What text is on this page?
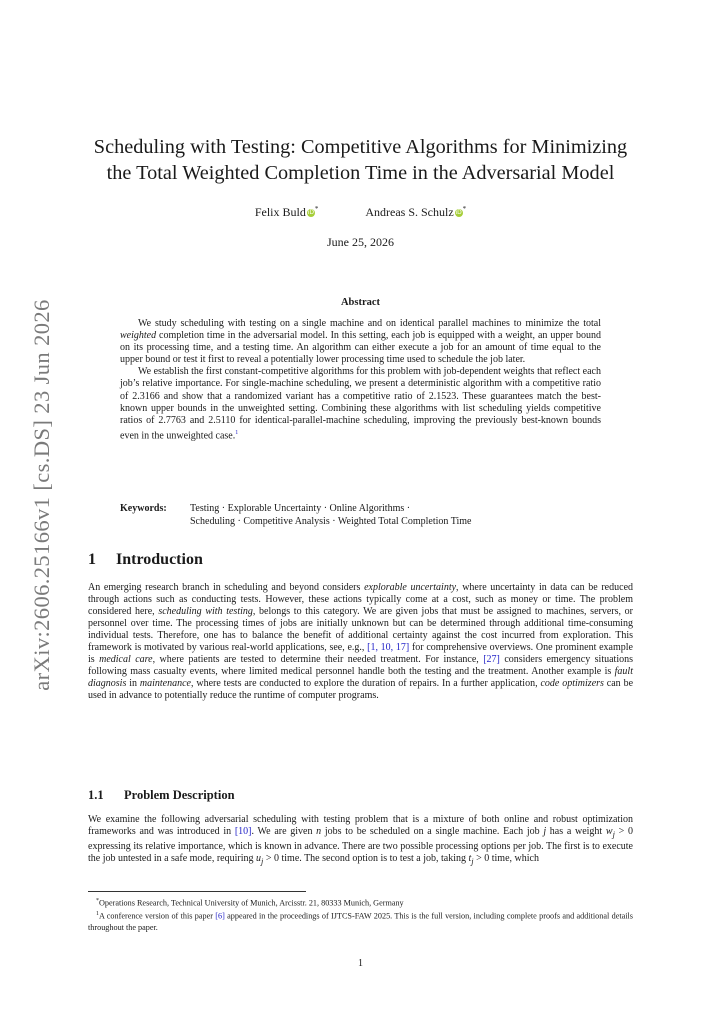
arXiv:2606.25166v1 [cs.DS] 23 Jun 2026
Scheduling with Testing: Competitive Algorithms for Minimizing
the Total Weighted Completion Time in the Adversarial Model
Felix Buld iD*	Andreas S. Schulz iD*
June 25, 2026
Abstract

We study scheduling with testing on a single machine and on identical parallel machines to minimize the total weighted completion time in the adversarial model. In this setting, each job is equipped with a weight, an upper bound on its processing time, and a testing time. An algorithm can either execute a job for an amount of time equal to the upper bound or test it first to reveal a potentially lower processing time used to schedule the job later.

We establish the first constant-competitive algorithms for this problem with job-dependent weights that reflect each job’s relative importance. For single-machine scheduling, we present a deterministic algorithm with a competitive ratio of 2.3166 and show that a randomized variant has a competitive ratio of 2.1523. These guarantees match the best-known upper bounds in the unweighted setting. Combining these algorithms with list scheduling yields competitive ratios of 2.7763 and 2.5110 for identical-parallel-machine scheduling, improving the previously best-known bounds even in the unweighted case.$^1$

Keywords: Testing · Explorable Uncertainty · Online Algorithms ·
Scheduling · Competitive Analysis · Weighted Total Completion Time
1 Introduction

An emerging research branch in scheduling and beyond considers explorable uncertainty, where uncertainty in data can be reduced through actions such as conducting tests. However, these actions typically come at a cost, such as money or time. The problem considered here, scheduling with testing, belongs to this category. We are given jobs that must be assigned to machines, servers, or personnel over time. The processing times of jobs are initially unknown but can be determined through additional time-consuming individual tests. Therefore, one has to balance the benefit of additional certainty against the cost incurred from exploration. This framework is motivated by various real-world applications, see, e.g., [1, 10, 17] for comprehensive overviews. One prominent example is medical care, where patients are tested to determine their needed treatment. For instance, [27] considers emergency situations following mass casualty events, where limited medical personnel handle both the testing and the treatment. Another example is fault diagnosis in maintenance, where tests are conducted to explore the duration of repairs. In a further application, code optimizers can be used in advance to potentially reduce the runtime of computer programs.

1.1 Problem Description

We examine the following adversarial scheduling with testing problem that is a mixture of both online and robust optimization frameworks and was introduced in [10]. We are given n jobs to be scheduled on a single machine. Each job j has a weight $w_j > 0$ expressing its relative importance, which is known in advance. There are two possible processing options per job. The first is to execute the job untested in a safe mode, requiring $u_j > 0$ time. The second option is to test a job, taking $t_j > 0$ time, which

*Operations Research, Technical University of Munich, Arcisstr. 21, 80333 Munich, Germany

$^1$A conference version of this paper [6] appeared in the proceedings of IJTCS-FAW 2025. This is the full version, including complete proofs and additional details throughout the paper.

1
